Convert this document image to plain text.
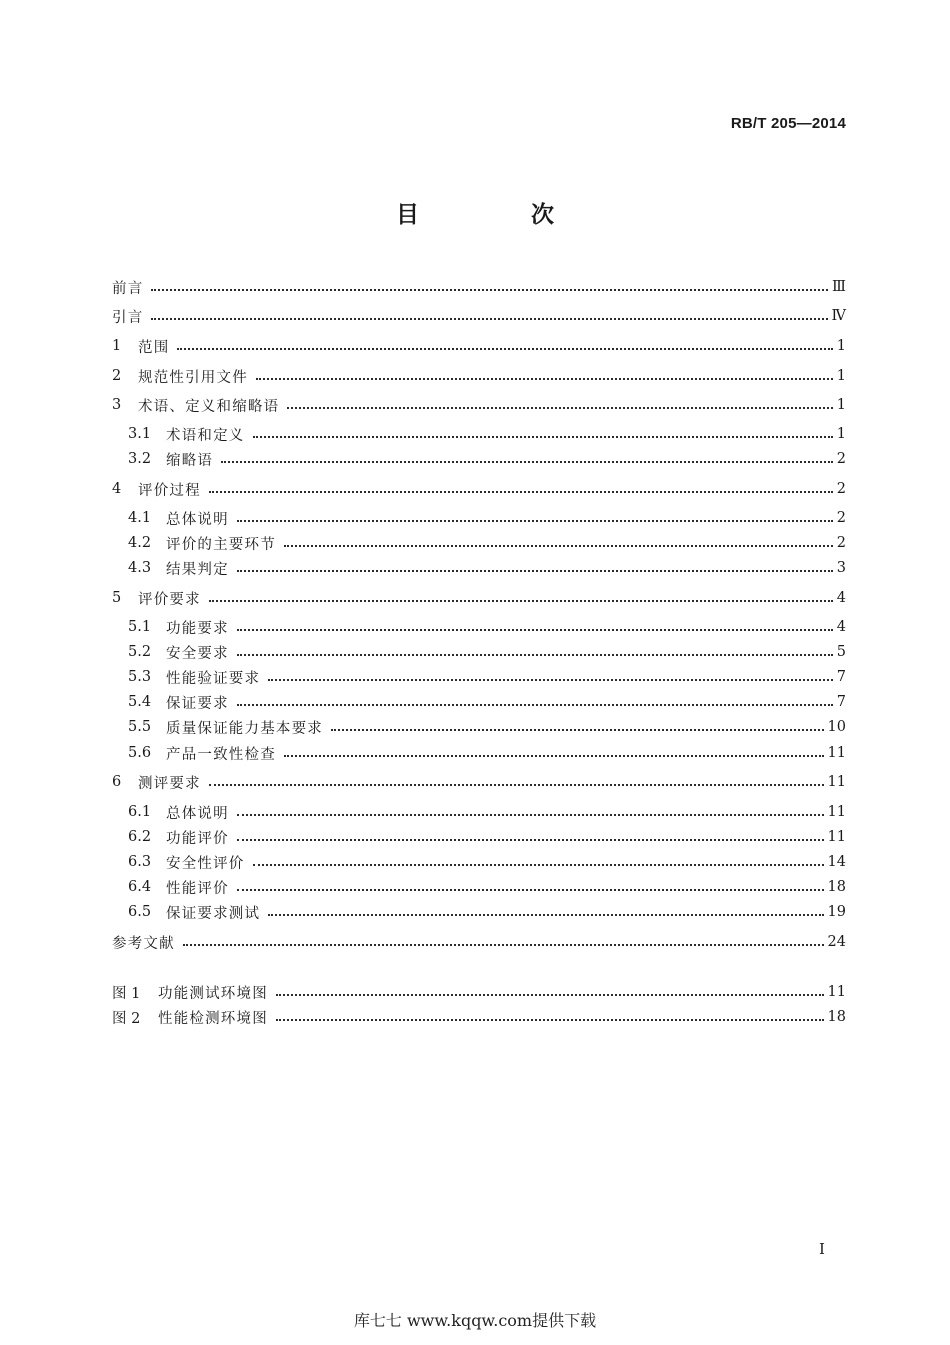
RB/T 205—2014
目 次
前言	Ⅲ
引言	Ⅳ
1	范围	1
2	规范性引用文件	1
3	术语、定义和缩略语	1
3.1	术语和定义	1
3.2	缩略语	2
4	评价过程	2
4.1	总体说明	2
4.2	评价的主要环节	2
4.3	结果判定	3
5	评价要求	4
5.1	功能要求	4
5.2	安全要求	5
5.3	性能验证要求	7
5.4	保证要求	7
5.5	质量保证能力基本要求	10
5.6	产品一致性检查	11
6	测评要求	11
6.1	总体说明	11
6.2	功能评价	11
6.3	安全性评价	14
6.4	性能评价	18
6.5	保证要求测试	19
参考文献	24
图 1	功能测试环境图	11
图 2	性能检测环境图	18
I
库七七 www.kqqw.com提供下载
